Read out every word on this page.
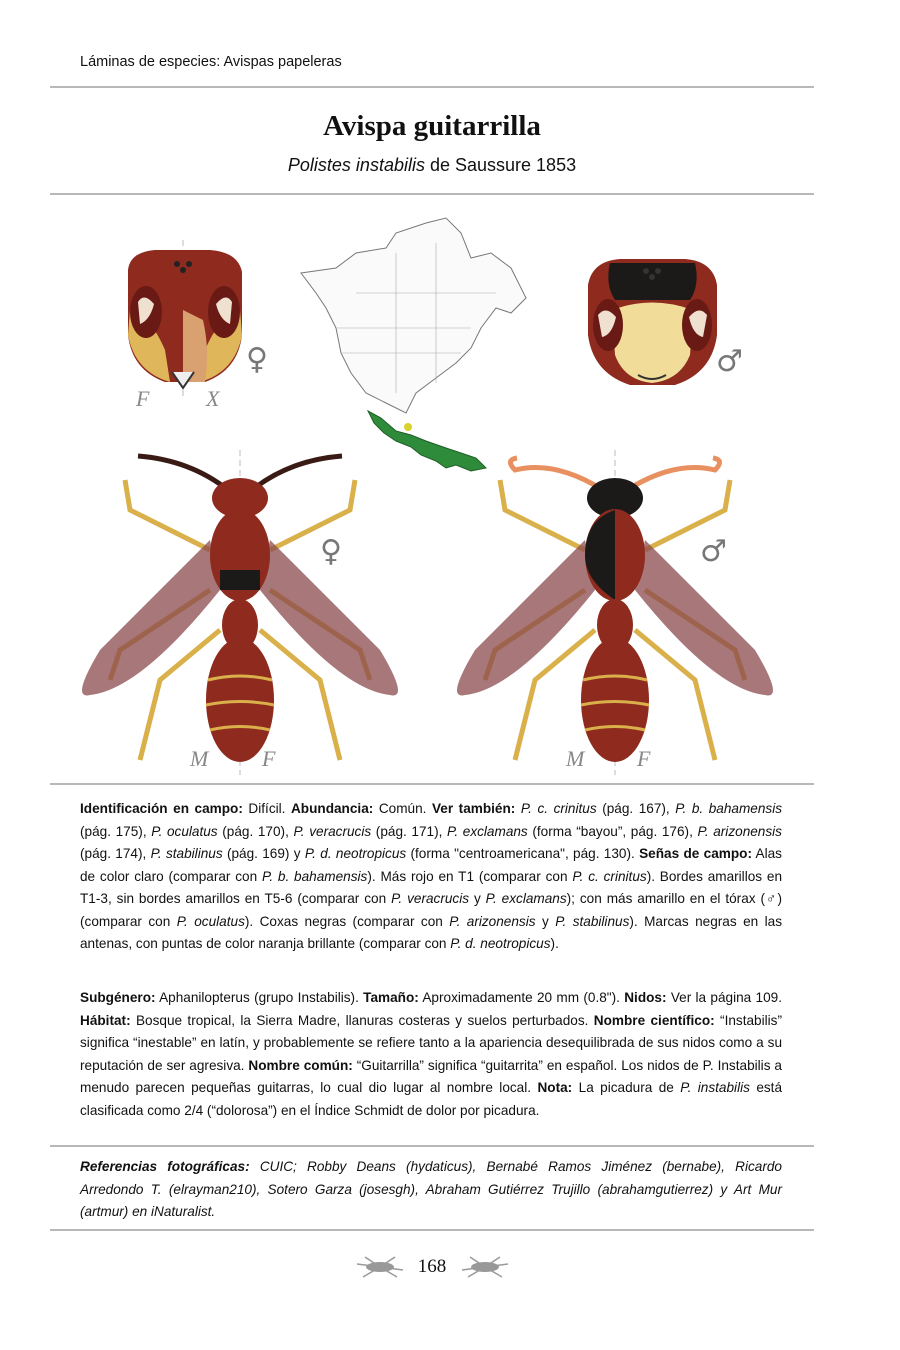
Láminas de especies: Avispas papeleras
Avispa guitarrilla
Polistes instabilis de Saussure 1853
♀
F	X
♂
♀
M F
♂
M F
Identificación en campo: Difícil. Abundancia: Común. Ver también: P. c. crinitus (pág. 167), P. b. bahamensis (pág. 175), P. oculatus (pág. 170), P. veracrucis (pág. 171), P. exclamans (forma “bayou”, pág. 176), P. arizonensis (pág. 174), P. stabilinus (pág. 169) y P. d. neotropicus (forma "centroamericana", pág. 130). Señas de campo: Alas de color claro (comparar con P. b. bahamensis). Más rojo en T1 (comparar con P. c. crinitus). Bordes amarillos en T1-3, sin bordes amarillos en T5-6 (comparar con P. veracrucis y P. exclamans); con más amarillo en el tórax (♂) (comparar con P. oculatus). Coxas negras (comparar con P. arizonensis y P. stabilinus). Marcas negras en las antenas, con puntas de color naranja brillante (comparar con P. d. neotropicus).
Subgénero: Aphanilopterus (grupo Instabilis). Tamaño: Aproximadamente 20 mm (0.8"). Nidos: Ver la página 109. Hábitat: Bosque tropical, la Sierra Madre, llanuras costeras y suelos perturbados. Nombre científico: “Instabilis” significa “inestable” en latín, y probablemente se refiere tanto a la apariencia desequilibrada de sus nidos como a su reputación de ser agresiva. Nombre común: “Guitarrilla” significa “guitarrita” en español. Los nidos de P. Instabilis a menudo parecen pequeñas guitarras, lo cual dio lugar al nombre local. Nota: La picadura de P. instabilis está clasificada como 2/4 (“dolorosa”) en el Índice Schmidt de dolor por picadura.
Referencias fotográficas: CUIC; Robby Deans (hydaticus), Bernabé Ramos Jiménez (bernabe), Ricardo Arredondo T. (elrayman210), Sotero Garza (josesgh), Abraham Gutiérrez Trujillo (abrahamgutierrez) y Art Mur (artmur) en iNaturalist.
168
